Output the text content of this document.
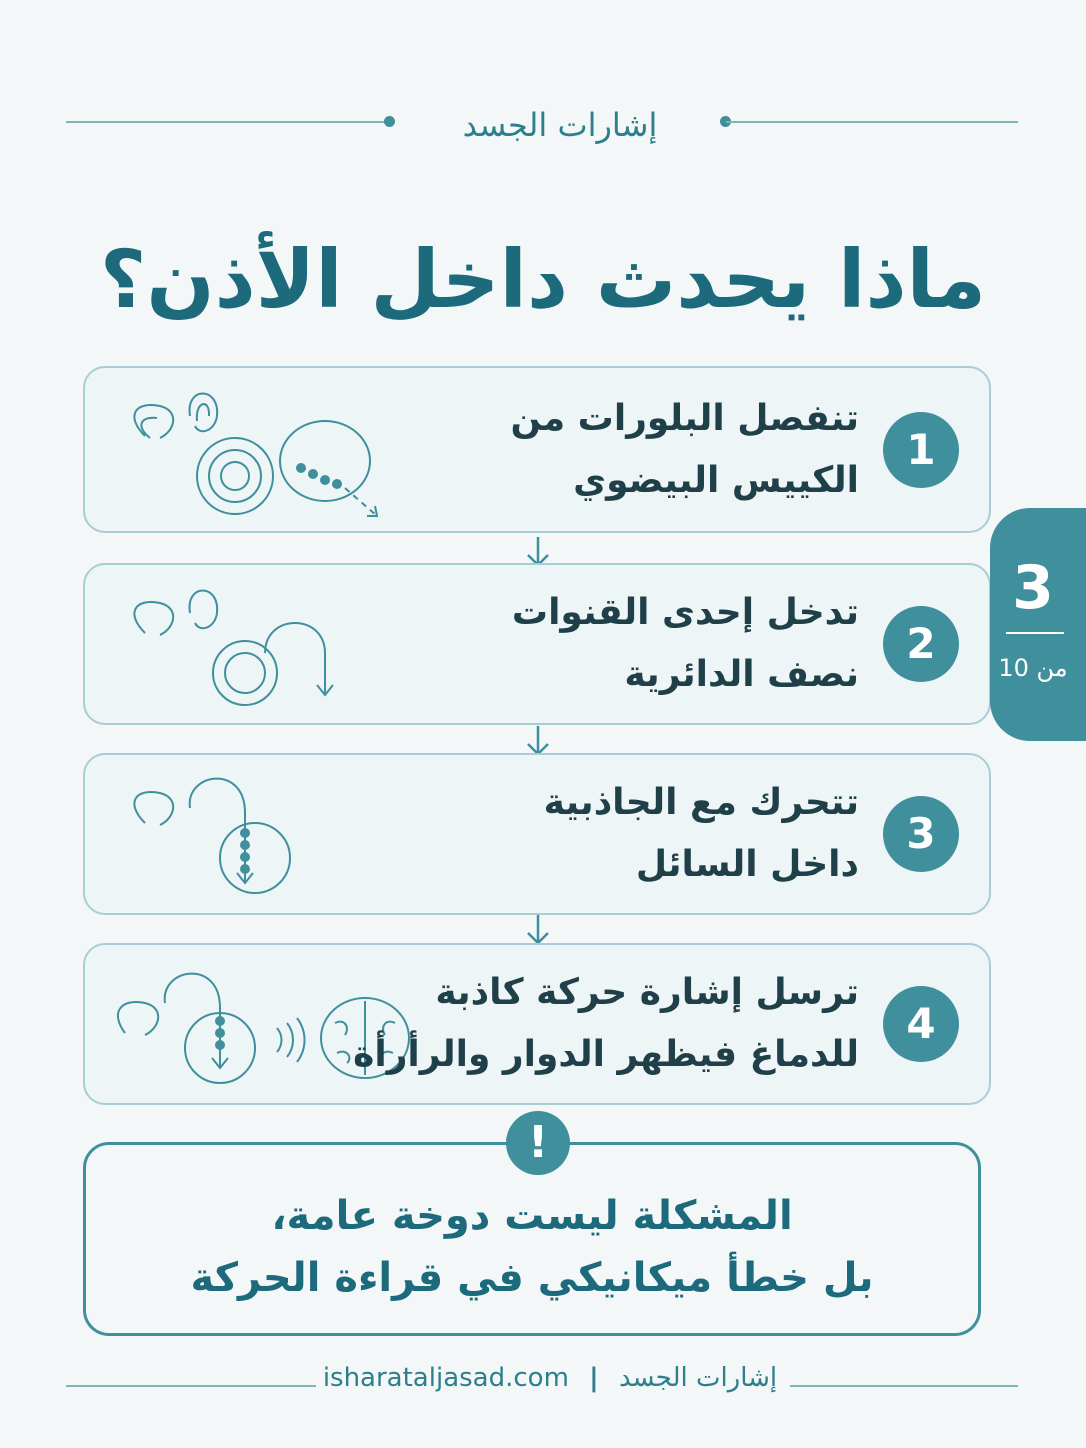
إشارات الجسد
ماذا يحدث داخل الأذن؟
تنفصل البلورات من
الكييس البيضوي
1
تدخل إحدى القنوات
نصف الدائرية
2
تتحرك مع الجاذبية
داخل السائل
3
ترسل إشارة حركة كاذبة
للدماغ فيظهر الدوار والرأرأة
4
3
من 10
المشكلة ليست دوخة عامة،
بل خطأ ميكانيكي في قراءة الحركة
!
isharataljasad.com | إشارات الجسد
